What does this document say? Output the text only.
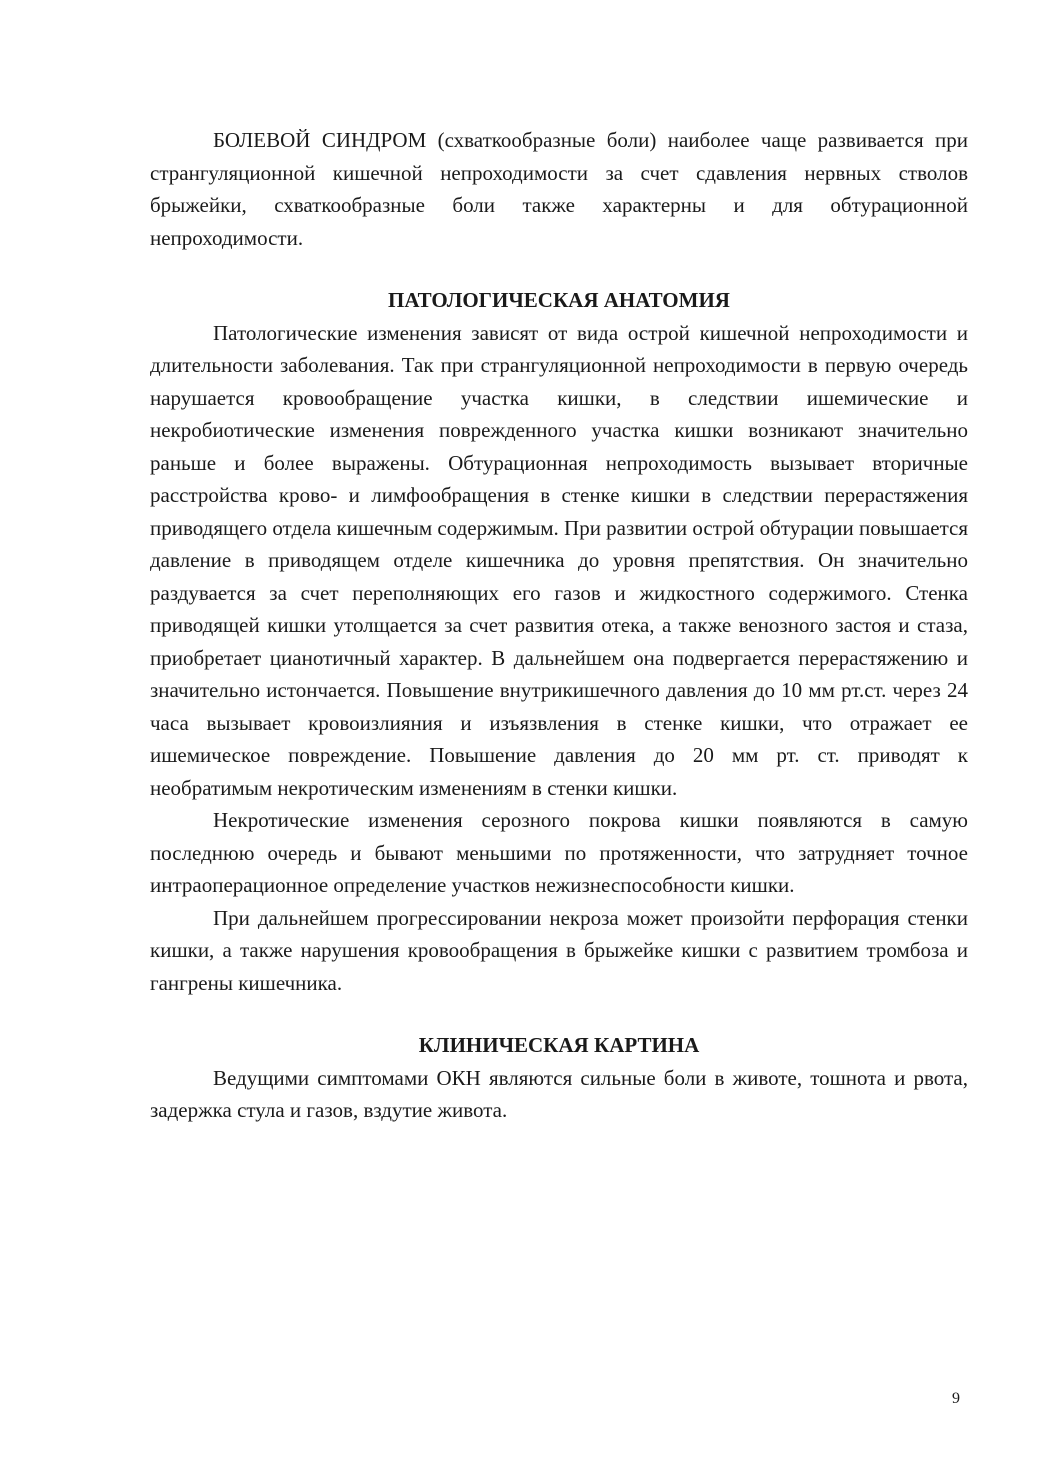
БОЛЕВОЙ СИНДРОМ (схваткообразные боли) наиболее чаще развивается при странгуляционной кишечной непроходимости за счет сдавления нервных стволов брыжейки, схваткообразные боли также характерны и для обтурационной непроходимости.

ПАТОЛОГИЧЕСКАЯ АНАТОМИЯ

Патологические изменения зависят от вида острой кишечной непроходимости и длительности заболевания. Так при странгуляционной непроходимости в первую очередь нарушается кровообращение участка кишки, в следствии ишемические и некробиотические изменения поврежденного участка кишки возникают значительно раньше и более выражены. Обтурационная непроходимость вызывает вторичные расстройства крово- и лимфообращения в стенке кишки в следствии перерастяжения приводящего отдела кишечным содержимым. При развитии острой обтурации повышается давление в приводящем отделе кишечника до уровня препятствия. Он значительно раздувается за счет переполняющих его газов и жидкостного содержимого. Стенка приводящей кишки утолщается за счет развития отека, а также венозного застоя и стаза, приобретает цианотичный характер. В дальнейшем она подвергается перерастяжению и значительно истончается. Повышение внутрикишечного давления до 10 мм рт.ст. через 24 часа вызывает кровоизлияния и изъязвления в стенке кишки, что отражает ее ишемическое повреждение. Повышение давления до 20 мм рт. ст. приводят к необратимым некротическим изменениям в стенки кишки.

Некротические изменения серозного покрова кишки появляются в самую последнюю очередь и бывают меньшими по протяженности, что затрудняет точное интраоперационное определение участков нежизнеспособности кишки.

При дальнейшем прогрессировании некроза может произойти перфорация стенки кишки, а также нарушения кровообращения в брыжейке кишки с развитием тромбоза и гангрены кишечника.

КЛИНИЧЕСКАЯ КАРТИНА

Ведущими симптомами ОКН являются сильные боли в животе, тошнота и рвота, задержка стула и газов, вздутие живота.

9
